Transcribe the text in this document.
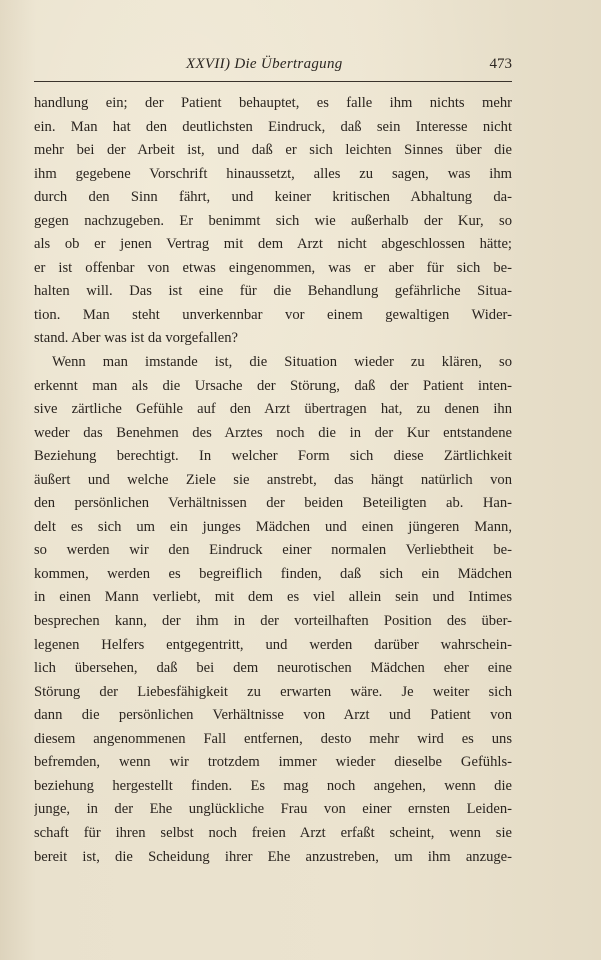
XXVII) Die Übertragung	473
handlung ein; der Patient behauptet, es falle ihm nichts mehr
ein. Man hat den deutlichsten Eindruck, daß sein Interesse nicht
mehr bei der Arbeit ist, und daß er sich leichten Sinnes über die
ihm gegebene Vorschrift hinaussetzt, alles zu sagen, was ihm
durch den Sinn fährt, und keiner kritischen Abhaltung da-
gegen nachzugeben. Er benimmt sich wie außerhalb der Kur, so
als ob er jenen Vertrag mit dem Arzt nicht abgeschlossen hätte;
er ist offenbar von etwas eingenommen, was er aber für sich be-
halten will. Das ist eine für die Behandlung gefährliche Situa-
tion. Man steht unverkennbar vor einem gewaltigen Wider-
stand. Aber was ist da vorgefallen?
Wenn man imstande ist, die Situation wieder zu klären, so
erkennt man als die Ursache der Störung, daß der Patient inten-
sive zärtliche Gefühle auf den Arzt übertragen hat, zu denen ihn
weder das Benehmen des Arztes noch die in der Kur entstandene
Beziehung berechtigt. In welcher Form sich diese Zärtlichkeit
äußert und welche Ziele sie anstrebt, das hängt natürlich von
den persönlichen Verhältnissen der beiden Beteiligten ab. Han-
delt es sich um ein junges Mädchen und einen jüngeren Mann,
so werden wir den Eindruck einer normalen Verliebtheit be-
kommen, werden es begreiflich finden, daß sich ein Mädchen
in einen Mann verliebt, mit dem es viel allein sein und Intimes
besprechen kann, der ihm in der vorteilhaften Position des über-
legenen Helfers entgegentritt, und werden darüber wahrschein-
lich übersehen, daß bei dem neurotischen Mädchen eher eine
Störung der Liebesfähigkeit zu erwarten wäre. Je weiter sich
dann die persönlichen Verhältnisse von Arzt und Patient von
diesem angenommenen Fall entfernen, desto mehr wird es uns
befremden, wenn wir trotzdem immer wieder dieselbe Gefühls-
beziehung hergestellt finden. Es mag noch angehen, wenn die
junge, in der Ehe unglückliche Frau von einer ernsten Leiden-
schaft für ihren selbst noch freien Arzt erfaßt scheint, wenn sie
bereit ist, die Scheidung ihrer Ehe anzustreben, um ihm anzuge-
